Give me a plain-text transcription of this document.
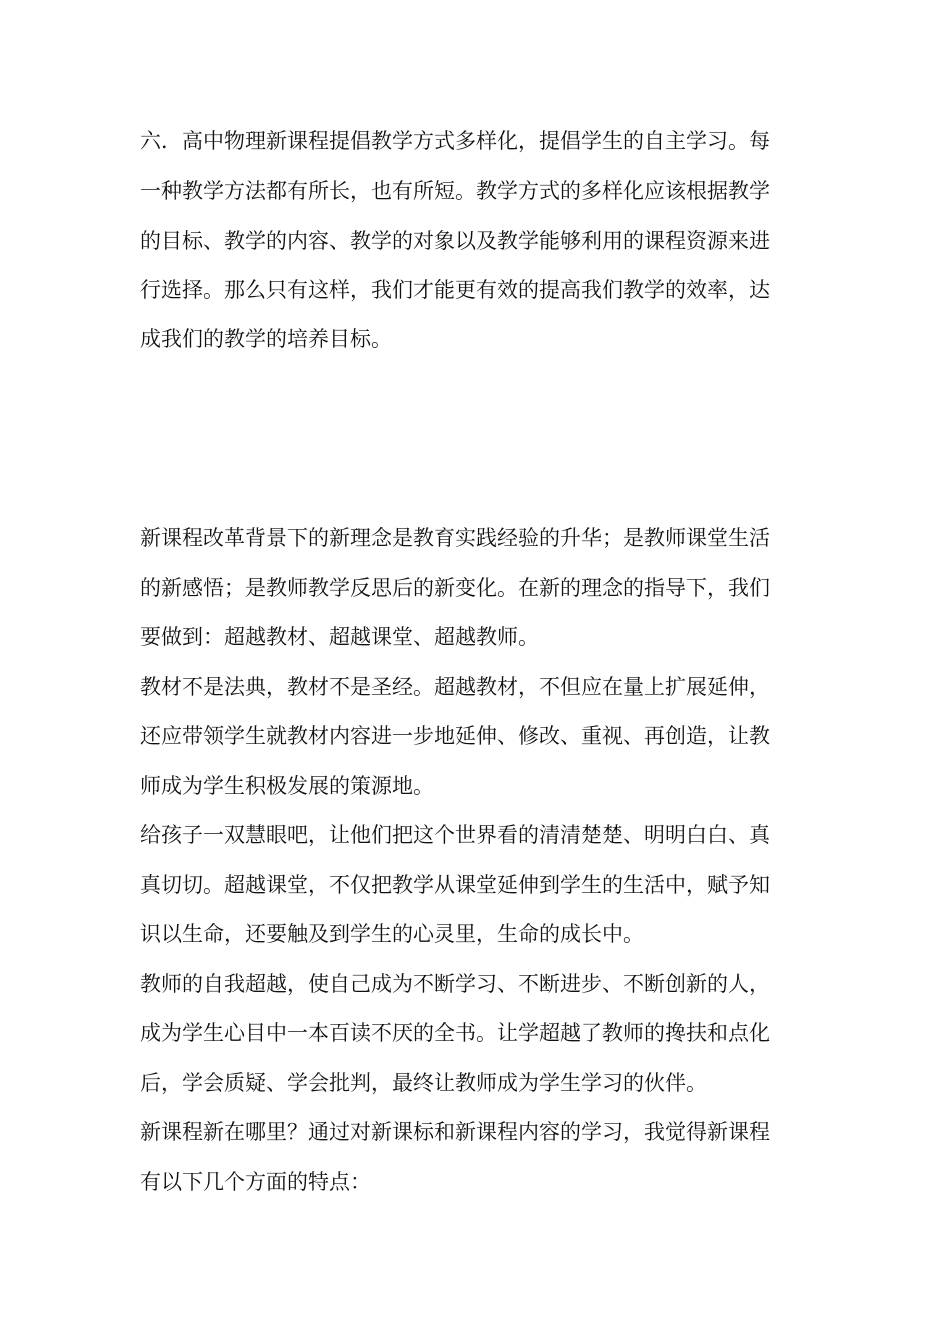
六．高中物理新课程提倡教学方式多样化，提倡学生的自主学习。每

一种教学方法都有所长，也有所短。教学方式的多样化应该根据教学

的目标、教学的内容、教学的对象以及教学能够利用的课程资源来进

行选择。那么只有这样，我们才能更有效的提高我们教学的效率，达

成我们的教学的培养目标。

新课程改革背景下的新理念是教育实践经验的升华；是教师课堂生活

的新感悟；是教师教学反思后的新变化。在新的理念的指导下，我们

要做到：超越教材、超越课堂、超越教师。

教材不是法典，教材不是圣经。超越教材，不但应在量上扩展延伸，

还应带领学生就教材内容进一步地延伸、修改、重视、再创造，让教

师成为学生积极发展的策源地。

给孩子一双慧眼吧，让他们把这个世界看的清清楚楚、明明白白、真

真切切。超越课堂，不仅把教学从课堂延伸到学生的生活中，赋予知

识以生命，还要触及到学生的心灵里，生命的成长中。

教师的自我超越，使自己成为不断学习、不断进步、不断创新的人，

成为学生心目中一本百读不厌的全书。让学超越了教师的搀扶和点化

后，学会质疑、学会批判，最终让教师成为学生学习的伙伴。

新课程新在哪里？通过对新课标和新课程内容的学习，我觉得新课程

有以下几个方面的特点：
